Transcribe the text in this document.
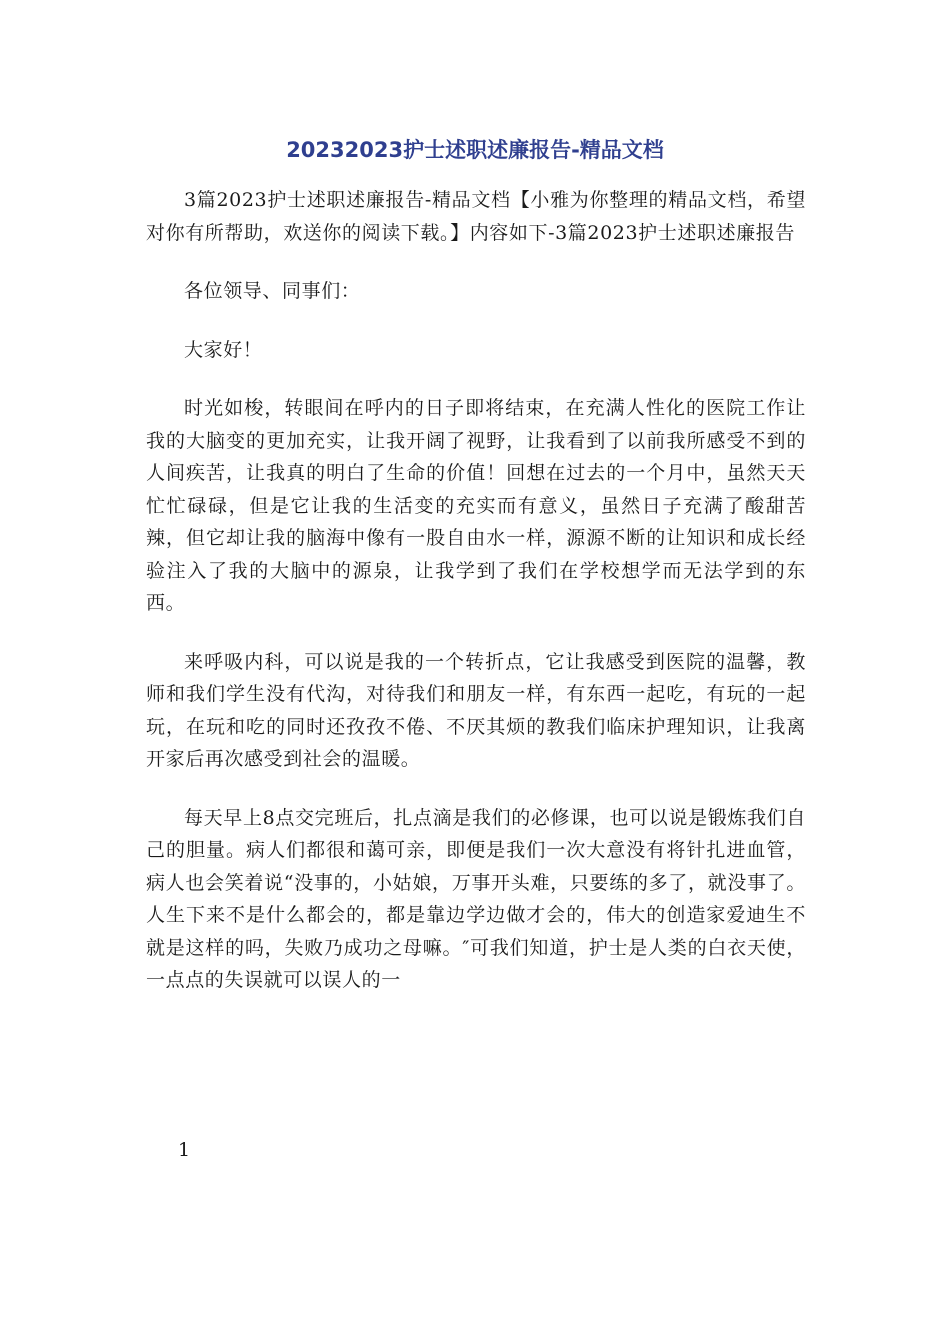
20232023护士述职述廉报告-精品文档

3篇2023护士述职述廉报告-精品文档【小雅为你整理的精品文档，希望对你有所帮助，欢送你的阅读下载。】内容如下-3篇2023护士述职述廉报告

各位领导、同事们：

大家好！

时光如梭，转眼间在呼内的日子即将结束，在充满人性化的医院工作让我的大脑变的更加充实，让我开阔了视野，让我看到了以前我所感受不到的人间疾苦，让我真的明白了生命的价值！回想在过去的一个月中，虽然天天忙忙碌碌，但是它让我的生活变的充实而有意义，虽然日子充满了酸甜苦辣，但它却让我的脑海中像有一股自由水一样，源源不断的让知识和成长经验注入了我的大脑中的源泉，让我学到了我们在学校想学而无法学到的东西。

来呼吸内科，可以说是我的一个转折点，它让我感受到医院的温馨，教师和我们学生没有代沟，对待我们和朋友一样，有东西一起吃，有玩的一起玩，在玩和吃的同时还孜孜不倦、不厌其烦的教我们临床护理知识，让我离开家后再次感受到社会的温暖。

每天早上8点交完班后，扎点滴是我们的必修课，也可以说是锻炼我们自己的胆量。病人们都很和蔼可亲，即便是我们一次大意没有将针扎进血管，病人也会笑着说“没事的，小姑娘，万事开头难，只要练的多了，就没事了。人生下来不是什么都会的，都是靠边学边做才会的，伟大的创造家爱迪生不就是这样的吗，失败乃成功之母嘛。″可我们知道，护士是人类的白衣天使，一点点的失误就可以误人的一

1
